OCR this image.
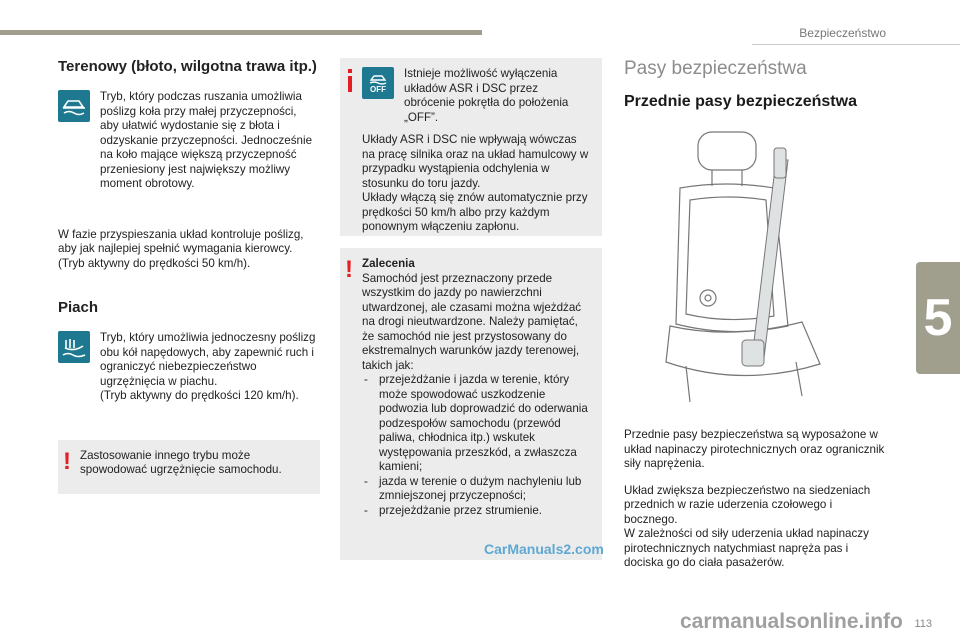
Bezpieczeństwo
5
Terenowy (błoto, wilgotna trawa itp.)
Tryb, który podczas ruszania umożliwia poślizg koła przy małej przyczepności, aby ułatwić wydostanie się z błota i odzyskanie przyczepności. Jednocześnie na koło mające większą przyczepność przeniesiony jest największy możliwy moment obrotowy.
W fazie przyspieszania układ kontroluje poślizg, aby jak najlepiej spełnić wymagania kierowcy.
(Tryb aktywny do prędkości 50 km/h).
Piach
Tryb, który umożliwia jednoczesny poślizg obu kół napędowych, aby zapewnić ruch i ograniczyć niebezpieczeństwo ugrzężnięcia w piachu.
(Tryb aktywny do prędkości 120 km/h).
! Zastosowanie innego trybu może spowodować ugrzężnięcie samochodu.
OFF
Istnieje możliwość wyłączenia układów ASR i DSC przez obrócenie pokrętła do położenia „OFF”.
Układy ASR i DSC nie wpływają wówczas na pracę silnika oraz na układ hamulcowy w przypadku wystąpienia odchylenia w stosunku do toru jazdy.
Układy włączą się znów automatycznie przy prędkości 50 km/h albo przy każdym ponownym włączeniu zapłonu.
! Zalecenia
Samochód jest przeznaczony przede wszystkim do jazdy po nawierzchni utwardzonej, ale czasami można wjeżdżać na drogi nieutwardzone. Należy pamiętać, że samochód nie jest przystosowany do ekstremalnych warunków jazdy terenowej, takich jak:
- przejeżdżanie i jazda w terenie, który może spowodować uszkodzenie podwozia lub doprowadzić do oderwania podzespołów samochodu (przewód paliwa, chłodnica itp.) wskutek występowania przeszkód, a zwłaszcza kamieni;
- jazda w terenie o dużym nachyleniu lub zmniejszonej przyczepności;
- przejeżdżanie przez strumienie.
Pasy bezpieczeństwa
Przednie pasy bezpieczeństwa
Przednie pasy bezpieczeństwa są wyposażone w układ napinaczy pirotechnicznych oraz ogranicznik siły naprężenia.
Układ zwiększa bezpieczeństwo na siedzeniach przednich w razie uderzenia czołowego i bocznego.
W zależności od siły uderzenia układ napinaczy pirotechnicznych natychmiast napręża pas i dociska go do ciała pasażerów.
CarManuals2.com
carmanualsonline.info 113
